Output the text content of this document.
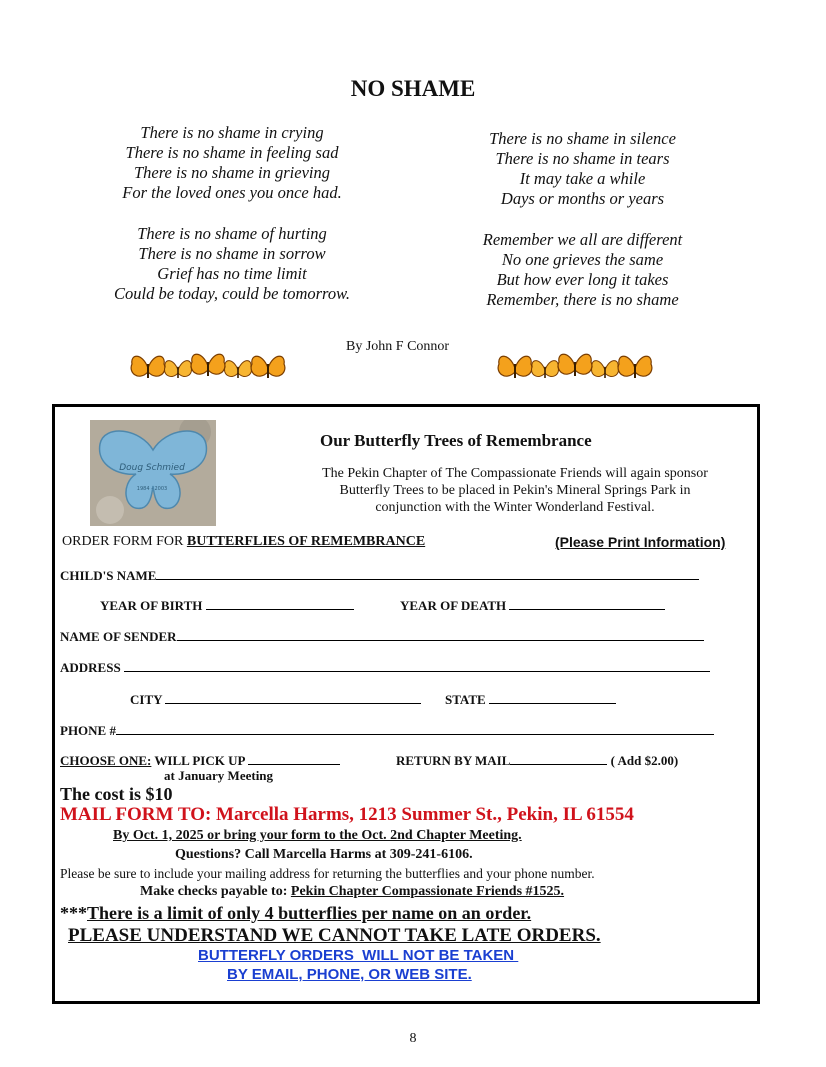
NO SHAME
There is no shame in crying
There is no shame in feeling sad
There is no shame in grieving
For the loved ones you once had.
There is no shame of hurting
There is no shame in sorrow
Grief has no time limit
Could be today, could be tomorrow.
There is no shame in silence
There is no shame in tears
It may take a while
Days or months or years
Remember we all are different
No one grieves the same
But how ever long it takes
Remember, there is no shame
By John F Connor
Doug Schmied
1984 - 2003
Our Butterfly Trees of Remembrance
The Pekin Chapter of The Compassionate Friends will again sponsor
Butterfly Trees to be placed in Pekin's Mineral Springs Park in
conjunction with the Winter Wonderland Festival.
ORDER FORM FOR BUTTERFLIES OF REMEMBRANCE	(Please Print Information)
CHILD'S NAME
YEAR OF BIRTH	YEAR OF DEATH
NAME OF SENDER
ADDRESS
CITY	STATE
PHONE #
CHOOSE ONE: WILL PICK UP	RETURN BY MAIL	( Add $2.00)
at January Meeting
The cost is $10
MAIL FORM TO: Marcella Harms, 1213 Summer St., Pekin, IL 61554
By Oct. 1, 2025 or bring your form to the Oct. 2nd Chapter Meeting.
Questions? Call Marcella Harms at 309-241-6106.
Please be sure to include your mailing address for returning the butterflies and your phone number.
Make checks payable to: Pekin Chapter Compassionate Friends #1525.
***There is a limit of only 4 butterflies per name on an order.
PLEASE UNDERSTAND WE CANNOT TAKE LATE ORDERS.
BUTTERFLY ORDERS  WILL NOT BE TAKEN
BY EMAIL, PHONE, OR WEB SITE.
8
